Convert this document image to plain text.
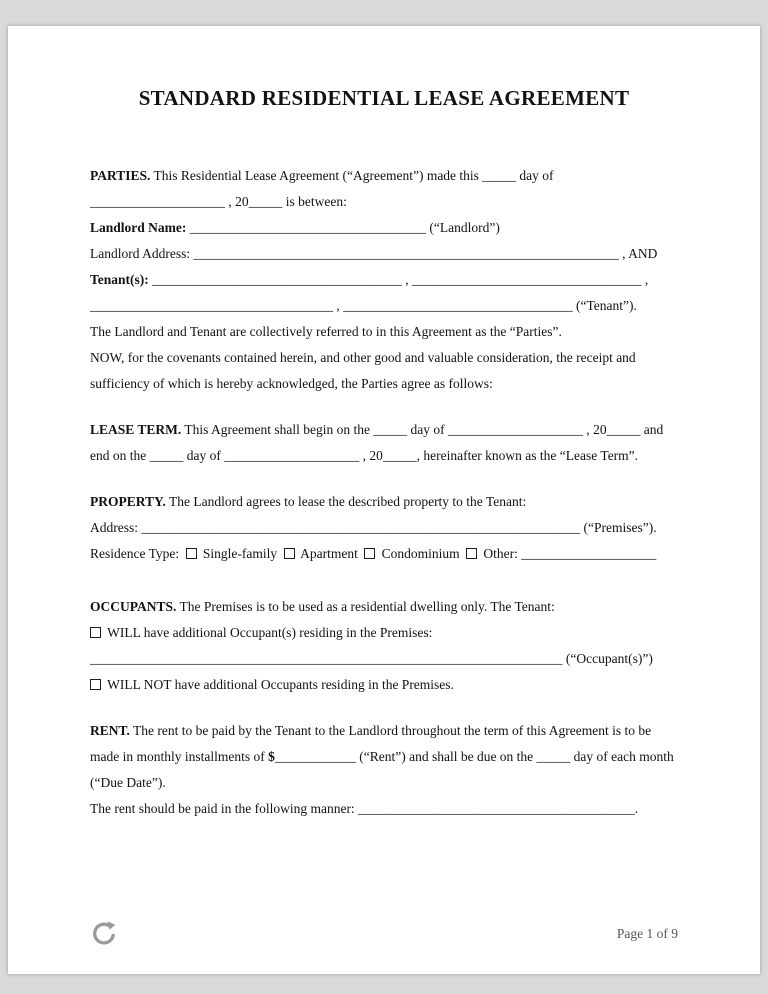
STANDARD RESIDENTIAL LEASE AGREEMENT

PARTIES. This Residential Lease Agreement (“Agreement”) made this _____ day of ____________________ , 20_____ is between:

Landlord Name: ___________________________________ (“Landlord”)

Landlord Address: _______________________________________________________________ , AND

Tenant(s): _____________________________________ , __________________________________ , ____________________________________ , __________________________________ (“Tenant”).

The Landlord and Tenant are collectively referred to in this Agreement as the “Parties”.

NOW, for the covenants contained herein, and other good and valuable consideration, the receipt and sufficiency of which is hereby acknowledged, the Parties agree as follows:

LEASE TERM. This Agreement shall begin on the _____ day of ____________________ , 20_____ and end on the _____ day of ____________________ , 20_____, hereinafter known as the “Lease Term”.

PROPERTY. The Landlord agrees to lease the described property to the Tenant:

Address: _________________________________________________________________ (“Premises”).

Residence Type: Single-family Apartment Condominium Other: ____________________

OCCUPANTS. The Premises is to be used as a residential dwelling only. The Tenant:

WILL have additional Occupant(s) residing in the Premises:

______________________________________________________________________ (“Occupant(s)”)

WILL NOT have additional Occupants residing in the Premises.

RENT. The rent to be paid by the Tenant to the Landlord throughout the term of this Agreement is to be made in monthly installments of $____________ (“Rent”) and shall be due on the _____ day of each month (“Due Date”).

The rent should be paid in the following manner: _________________________________________.

Page 1 of 9
